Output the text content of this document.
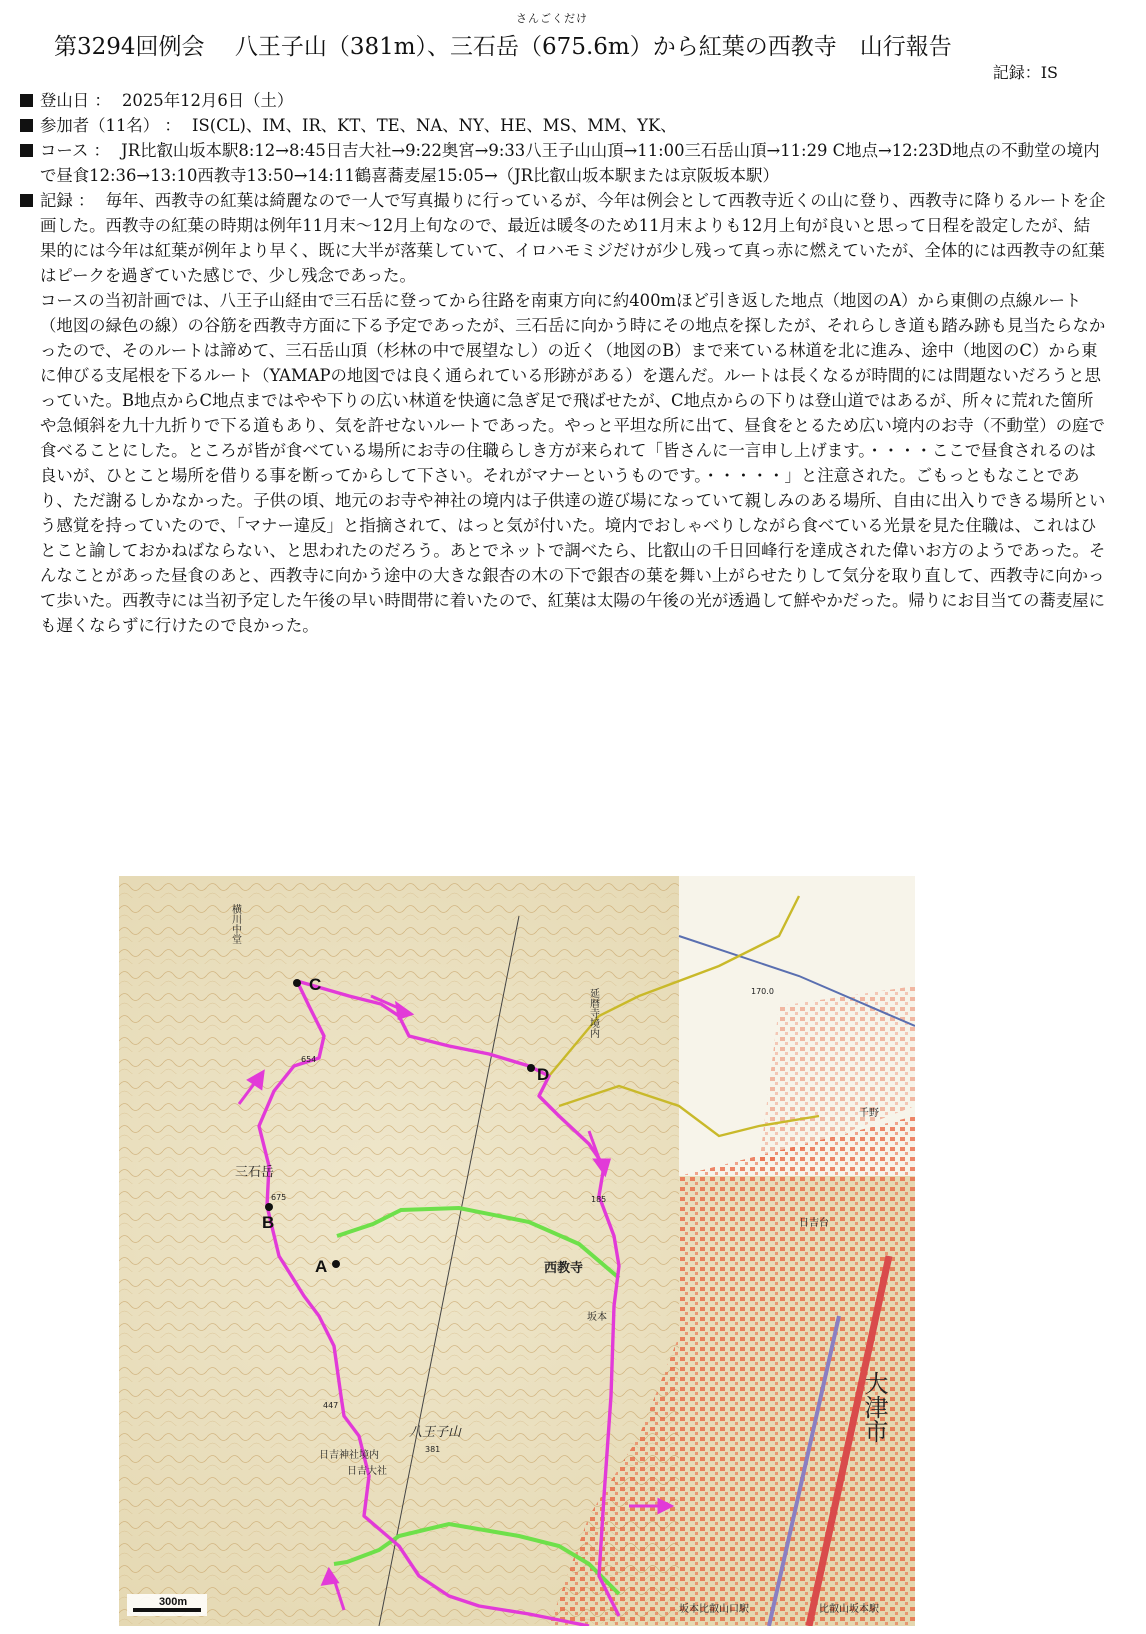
さんごくだけ
第3294回例会　 八王子山（381m）、三石岳（675.6m）から紅葉の西教寺　山行報告
記録：IS
登山日 ： 2025年12月6日（土）
参加者（11名） ： IS(CL)、IM、IR、KT、TE、NA、NY、HE、MS、MM、YK、
コース ： JR比叡山坂本駅8:12→8:45日吉大社→9:22奥宮→9:33八王子山山頂→11:00三石岳山頂→11:29 C地点→12:23D地点の不動堂の境内で昼食12:36→13:10西教寺13:50→14:11鶴喜蕎麦屋15:05→（JR比叡山坂本駅または京阪坂本駅）

記録 ： 毎年、西教寺の紅葉は綺麗なので一人で写真撮りに行っているが、今年は例会として西教寺近くの山に登り、西教寺に降りるルートを企画した。西教寺の紅葉の時期は例年11月末～12月上旬なので、最近は暖冬のため11月末よりも12月上旬が良いと思って日程を設定したが、結果的には今年は紅葉が例年より早く、既に大半が落葉していて、イロハモミジだけが少し残って真っ赤に燃えていたが、全体的には西教寺の紅葉はピークを過ぎていた感じで、少し残念であった。

コースの当初計画では、八王子山経由で三石岳に登ってから往路を南東方向に約400mほど引き返した地点（地図のA）から東側の点線ルート（地図の緑色の線）の谷筋を西教寺方面に下る予定であったが、三石岳に向かう時にその地点を探したが、それらしき道も踏み跡も見当たらなかったので、そのルートは諦めて、三石岳山頂（杉林の中で展望なし）の近く（地図のB）まで来ている林道を北に進み、途中（地図のC）から東に伸びる支尾根を下るルート（YAMAPの地図では良く通られている形跡がある）を選んだ。ルートは長くなるが時間的には問題ないだろうと思っていた。B地点からC地点まではやや下りの広い林道を快適に急ぎ足で飛ばせたが、C地点からの下りは登山道ではあるが、所々に荒れた箇所や急傾斜を九十九折りで下る道もあり、気を許せないルートであった。やっと平坦な所に出て、昼食をとるため広い境内のお寺（不動堂）の庭で食べることにした。ところが皆が食べている場所にお寺の住職らしき方が来られて「皆さんに一言申し上げます。・・・・ここで昼食されるのは良いが、ひとこと場所を借りる事を断ってからして下さい。それがマナーというものです。・・・・・」と注意された。ごもっともなことであり、ただ謝るしかなかった。子供の頃、地元のお寺や神社の境内は子供達の遊び場になっていて親しみのある場所、自由に出入りできる場所という感覚を持っていたので、「マナー違反」と指摘されて、はっと気が付いた。境内でおしゃべりしながら食べている光景を見た住職は、これはひとこと諭しておかねばならない、と思われたのだろう。あとでネットで調べたら、比叡山の千日回峰行を達成された偉いお方のようであった。そんなことがあった昼食のあと、西教寺に向かう途中の大きな銀杏の木の下で銀杏の葉を舞い上がらせたりして気分を取り直して、西教寺に向かって歩いた。西教寺には当初予定した午後の早い時間帯に着いたので、紅葉は太陽の午後の光が透過して鮮やかだった。帰りにお目当ての蕎麦屋にも遅くならずに行けたので良かった。

C
D
B
A	西教寺
八王子山
三石岳
大津市
日吉神社境内
日吉大社
坂本比叡山口駅	比叡山坂本駅
延暦寺境内
横川中堂
日吉台
千野
坂本
675
654
447
381
185
170.0
300m
